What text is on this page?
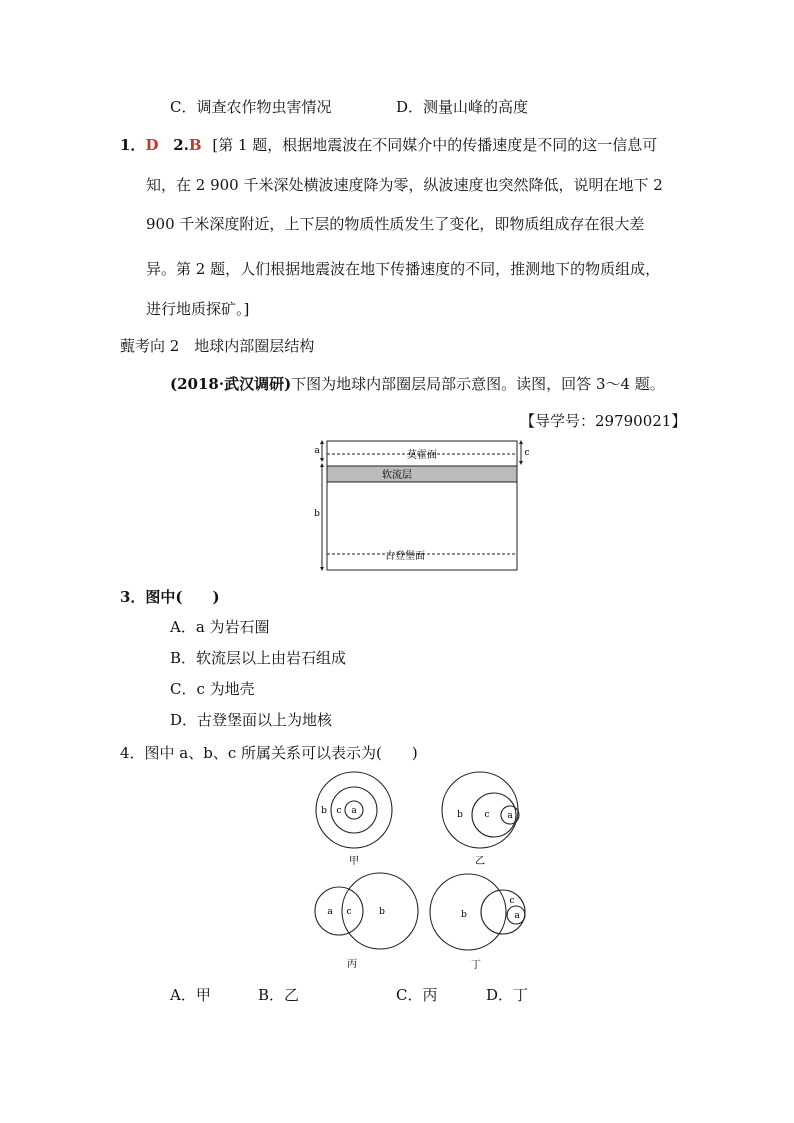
C．调查农作物虫害情况	D．测量山峰的高度
1．D 2.B [第 1 题，根据地震波在不同媒介中的传播速度是不同的这一信息可
知，在 2 900 千米深处横波速度降为零，纵波速度也突然降低，说明在地下 2
900 千米深度附近，上下层的物质性质发生了变化，即物质组成存在很大差
异。第 2 题，人们根据地震波在地下传播速度的不同，推测地下的物质组成，
进行地质探矿。]
薽考向 2　地球内部圈层结构
(2018·武汉调研)下图为地球内部圈层局部示意图。读图，回答 3～4 题。
【导学号：29790021】
莫霍面
软流层
古登堡面
a
b
c
3．图中(　　)
A．a 为岩石圈
B．软流层以上由岩石组成
C．c 为地壳
D．古登堡面以上为地核
4．图中 a、b、c 所属关系可以表示为(　　)
b c a
甲
b c a
乙
a c	b
丙
b
c
a
丁
A．甲	B．乙	C．丙	D．丁
